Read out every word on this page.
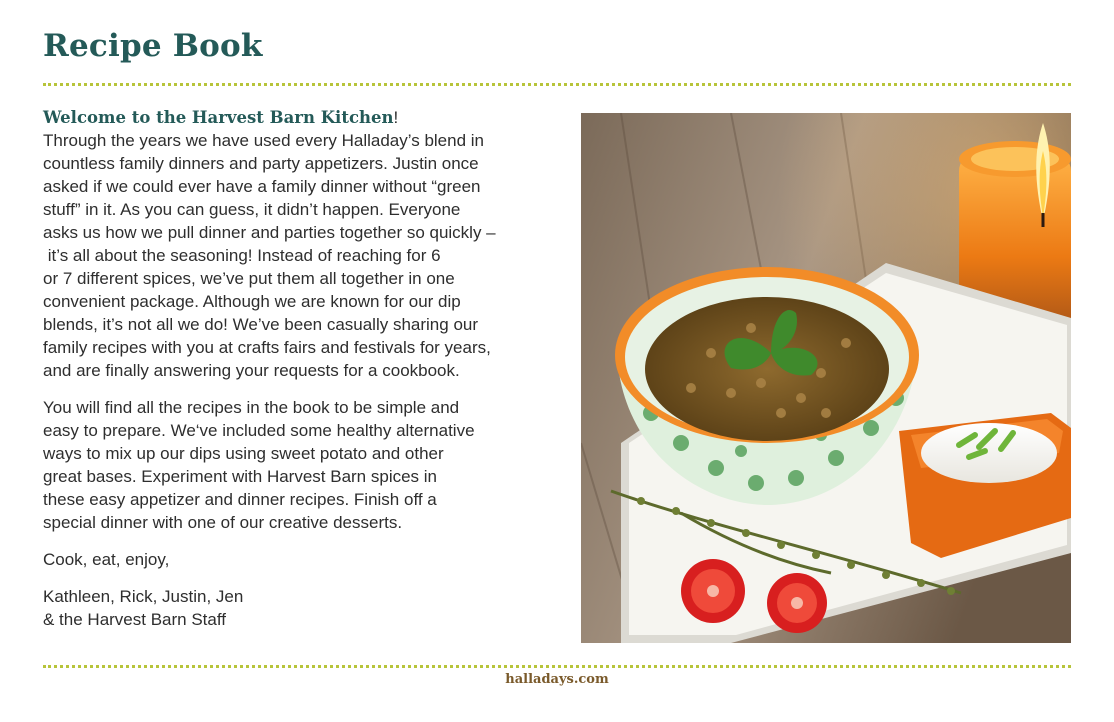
Recipe Book

Welcome to the Harvest Barn Kitchen!
Through the years we have used every Halladay’s blend in
countless family dinners and party appetizers. Justin once
asked if we could ever have a family dinner without “green
stuff” in it. As you can guess, it didn’t happen. Everyone
asks us how we pull dinner and parties together so quickly –
it’s all about the seasoning! Instead of reaching for 6
or 7 different spices, we’ve put them all together in one
convenient package. Although we are known for our dip
blends, it’s not all we do! We’ve been casually sharing our
family recipes with you at crafts fairs and festivals for years,
and are finally answering your requests for a cookbook.

You will find all the recipes in the book to be simple and
easy to prepare. We‘ve included some healthy alternative
ways to mix up our dips using sweet potato and other
great bases. Experiment with Harvest Barn spices in
these easy appetizer and dinner recipes. Finish off a
special dinner with one of our creative desserts.

Cook, eat, enjoy,

Kathleen, Rick, Justin, Jen
& the Harvest Barn Staff

halladays.com
